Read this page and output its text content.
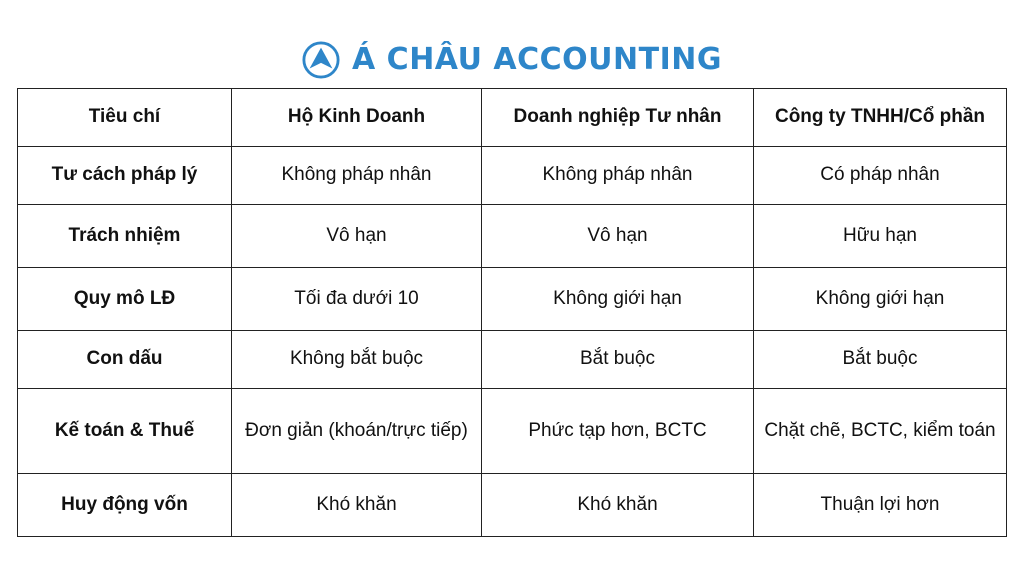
Á CHÂU ACCOUNTING
Tiêu chí	Hộ Kinh Doanh	Doanh nghiệp Tư nhân	Công ty TNHH/Cổ phần
Tư cách pháp lý	Không pháp nhân	Không pháp nhân	Có pháp nhân
Trách nhiệm	Vô hạn	Vô hạn	Hữu hạn
Quy mô LĐ	Tối đa dưới 10	Không giới hạn	Không giới hạn
Con dấu	Không bắt buộc	Bắt buộc	Bắt buộc
Kế toán & Thuế	Đơn giản (khoán/trực tiếp)	Phức tạp hơn, BCTC	Chặt chẽ, BCTC, kiểm toán
Huy động vốn	Khó khăn	Khó khăn	Thuận lợi hơn
